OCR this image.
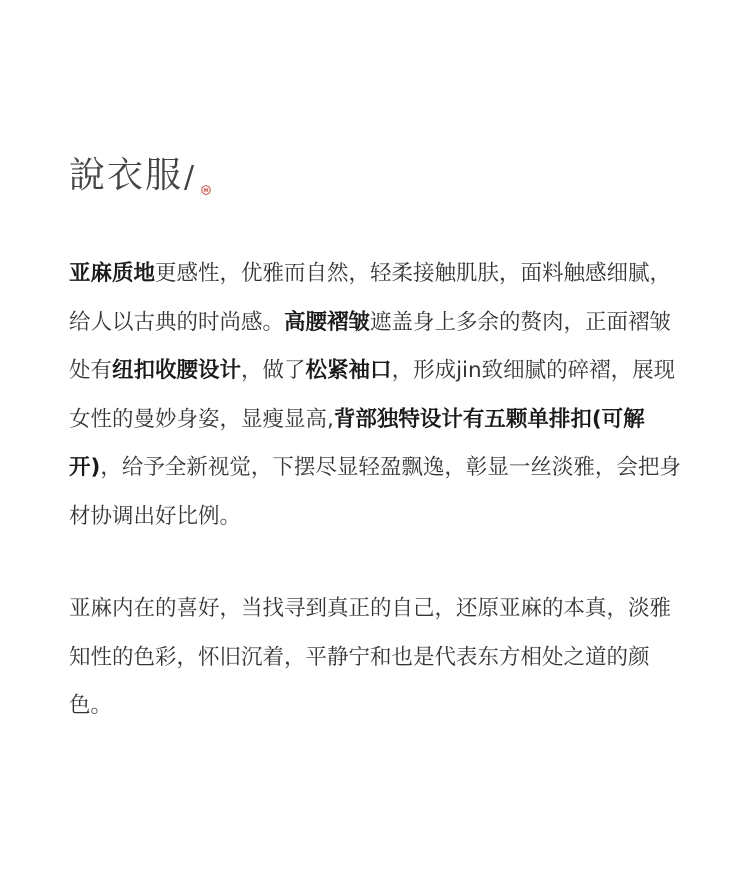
說衣服 /

亚麻质地更感性，优雅而自然，轻柔接触肌肤，面料触感细腻，给人以古典的时尚感。高腰褶皱遮盖身上多余的赘肉，正面褶皱处有纽扣收腰设计，做了松紧袖口，形成jin致细腻的碎褶，展现女性的曼妙身姿，显瘦显高,背部独特设计有五颗单排扣(可解开)，给予全新视觉，下摆尽显轻盈飘逸，彰显一丝淡雅，会把身材协调出好比例。

亚麻内在的喜好，当找寻到真正的自己，还原亚麻的本真，淡雅知性的色彩，怀旧沉着，平静宁和也是代表东方相处之道的颜色。
